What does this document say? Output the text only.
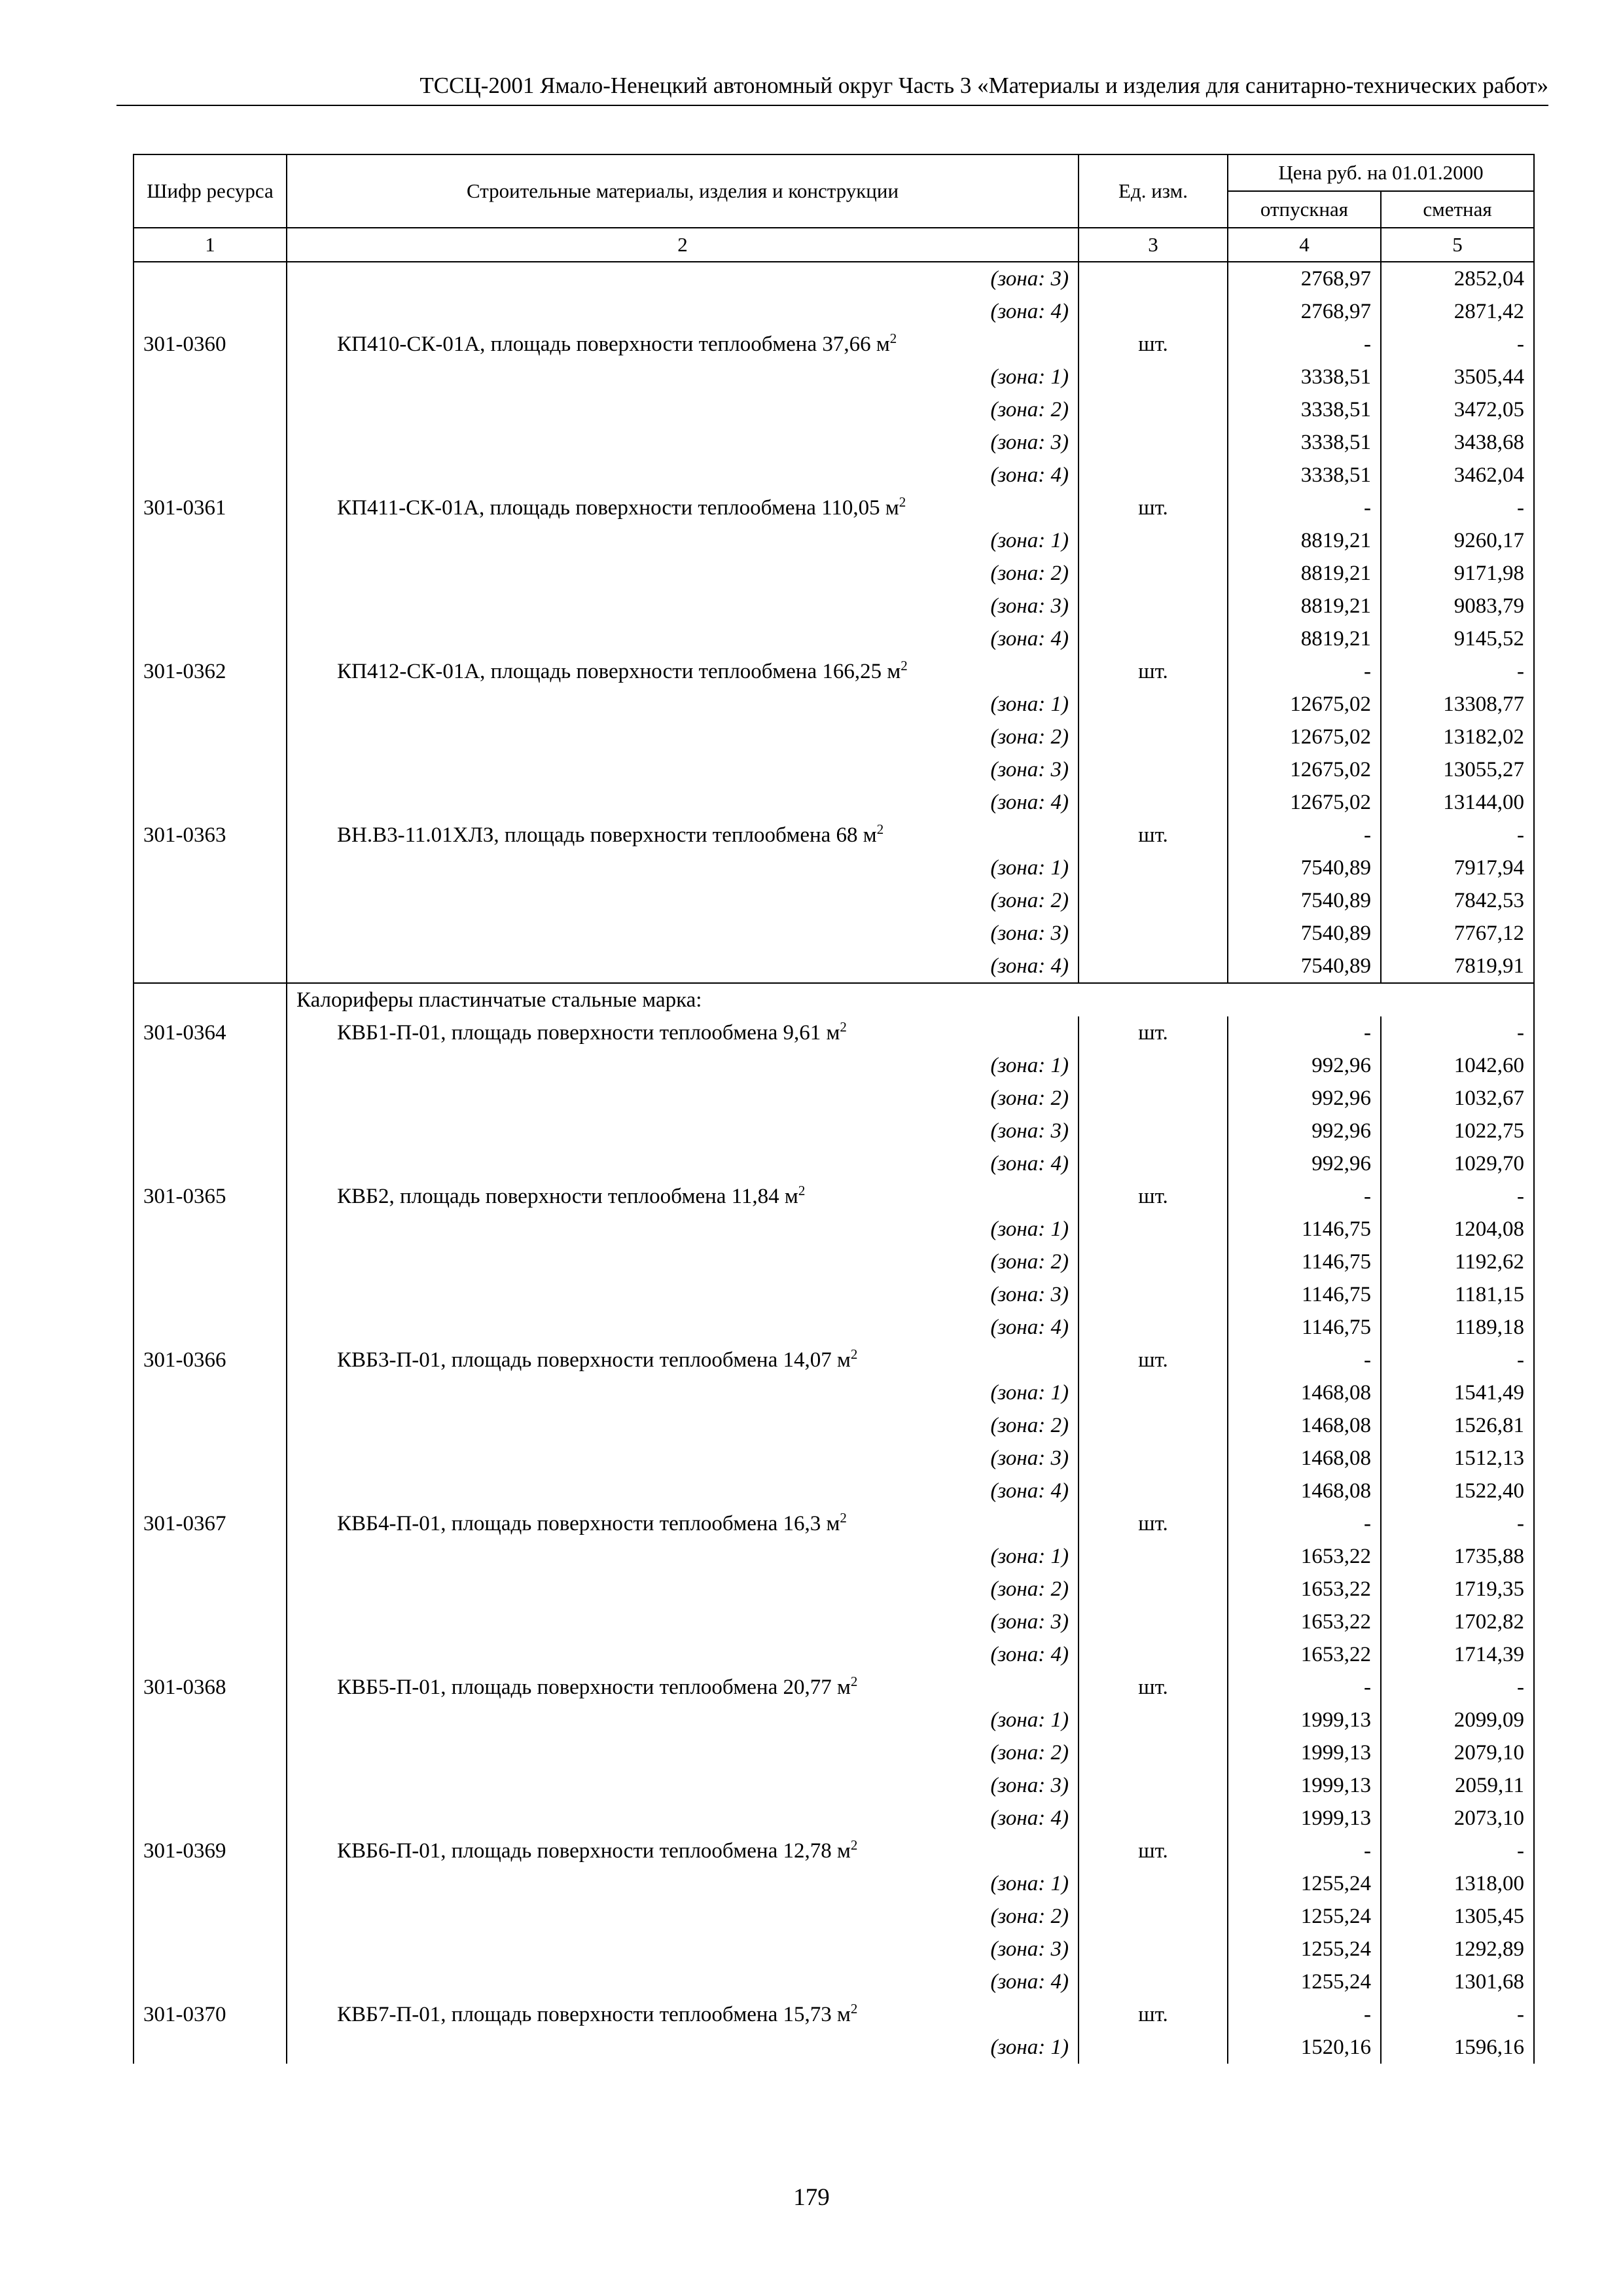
ТССЦ-2001 Ямало-Ненецкий автономный округ Часть 3 «Материалы и изделия для санитарно-технических работ»
Шифр ресурса	Строительные материалы, изделия и конструкции	Ед. изм.	Цена руб. на 01.01.2000	
			отпускная	сметная
1	2	3	4	5
	(зона: 3)		2768,97	2852,04
	(зона: 4)		2768,97	2871,42
301-0360	КП410-СК-01А, площадь поверхности теплообмена 37,66 $м^2$	шт.	-	-
	(зона: 1)		3338,51	3505,44
	(зона: 2)		3338,51	3472,05
	(зона: 3)		3338,51	3438,68
	(зона: 4)		3338,51	3462,04
301-0361	КП411-СК-01А, площадь поверхности теплообмена 110,05 $м^2$	шт.	-	-
	(зона: 1)		8819,21	9260,17
	(зона: 2)		8819,21	9171,98
	(зона: 3)		8819,21	9083,79
	(зона: 4)		8819,21	9145,52
301-0362	КП412-СК-01А, площадь поверхности теплообмена 166,25 $м^2$	шт.	-	-
	(зона: 1)		12675,02	13308,77
	(зона: 2)		12675,02	13182,02
	(зона: 3)		12675,02	13055,27
	(зона: 4)		12675,02	13144,00
301-0363	ВН.В3-11.01ХЛЗ, площадь поверхности теплообмена 68 $м^2$	шт.	-	-
	(зона: 1)		7540,89	7917,94
	(зона: 2)		7540,89	7842,53
	(зона: 3)		7540,89	7767,12
	(зона: 4)		7540,89	7819,91
	Калориферы пластинчатые стальные марка:			
301-0364	КВБ1-П-01, площадь поверхности теплообмена 9,61 $м^2$	шт.	-	-
	(зона: 1)		992,96	1042,60
	(зона: 2)		992,96	1032,67
	(зона: 3)		992,96	1022,75
	(зона: 4)		992,96	1029,70
301-0365	КВБ2, площадь поверхности теплообмена 11,84 $м^2$	шт.	-	-
	(зона: 1)		1146,75	1204,08
	(зона: 2)		1146,75	1192,62
	(зона: 3)		1146,75	1181,15
	(зона: 4)		1146,75	1189,18
301-0366	КВБ3-П-01, площадь поверхности теплообмена 14,07 $м^2$	шт.	-	-
	(зона: 1)		1468,08	1541,49
	(зона: 2)		1468,08	1526,81
	(зона: 3)		1468,08	1512,13
	(зона: 4)		1468,08	1522,40
301-0367	КВБ4-П-01, площадь поверхности теплообмена 16,3 $м^2$	шт.	-	-
	(зона: 1)		1653,22	1735,88
	(зона: 2)		1653,22	1719,35
	(зона: 3)		1653,22	1702,82
	(зона: 4)		1653,22	1714,39
301-0368	КВБ5-П-01, площадь поверхности теплообмена 20,77 $м^2$	шт.	-	-
	(зона: 1)		1999,13	2099,09
	(зона: 2)		1999,13	2079,10
	(зона: 3)		1999,13	2059,11
	(зона: 4)		1999,13	2073,10
301-0369	КВБ6-П-01, площадь поверхности теплообмена 12,78 $м^2$	шт.	-	-
	(зона: 1)		1255,24	1318,00
	(зона: 2)		1255,24	1305,45
	(зона: 3)		1255,24	1292,89
	(зона: 4)		1255,24	1301,68
301-0370	КВБ7-П-01, площадь поверхности теплообмена 15,73 $м^2$	шт.	-	-
	(зона: 1)		1520,16	1596,16
179
